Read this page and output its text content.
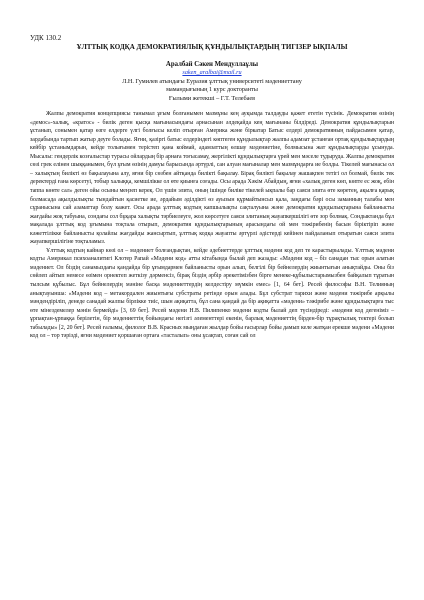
УДК 130.2

ҰЛТТЫҚ КОДҚА ДЕМОКРАТИЯЛЫҚ ҚҰНДЫЛЫҚТАРДЫҢ ТИГІЗЕР ЫҚПАЛЫ

Аралбай Сәкен Мендуллаұлы
saken_aralbai@mail.ru
Л.Н. Гумилев атындағы Еуразия ұлттық университеті мәдениеттану
мамандығының 1 курс докторанты
Ғылыми жетекші – Г.Т. Телебаев

Жалпы демократия концепциясы танымал ұғым болғанымен мазмұны кең ауқымда талдауды қажет ететін түсінік. Демократия өзінің «демос»-халық, «кратос» - билік деген қысқа мағынасындағы арнасынан әлдеқайда кең мағынаны білдіреді. Демократия құндылықтарын ұстанып, сонымен қатар өзге елдерге үлгі болғысы келіп отырған Америка және біркатар Батыс елдері демократияның пайдасымен қатар, зардабында тартып жатыр деуге болады. Яғни, қазіргі батыс елдеріндегі көптеген құндылықтар жалпы адамзат ұстанған ортақ құндылықтардың кейбір ұстанымдарын, кейде толығымен терістеп қана коймай, адамзаттың өлшау мәдениетіне, болмысына жат құндылықтарды ұсынуда. Мысалы: гендерлік козғалыстар турасы ойлардың бір арнаға тоғысамау, жергілікті құндылықтарға үрей мен мәселе тудыруда. Жалпы демократия сөзі грек елінен шыққанымен, бүл ұғым өзінің дамуы барысында әртүрлі, сан алуан мағыналар мен мазмұндарға ие болды. Тікелей мағынасы ол – халықтың билікті өз бақылауына алу, яғни бір сөзбен айтқанда билікті бақылау. Бірақ билікті бақылау жашақпен тетігі ол болмай, билік тек деректерді ғана көрсетуі, тобыр халыққа, кемшілікке ол өте қиынға соғады. Осы арада Хәкім Абайдың, яғни «халық деген көп, көпте ес жоқ, ебін таппа көнте сал» деген ойы осыны меңзеп кереқ. Ол үшін элита, оның ішінде биліке тікелей ықпалы бар саяси элита өте көретең, ақылға қарық болмасада ақылдылықты тындайтын қасиетке ие, әрдайым әділдікті өз ауызын құрмайтынсыз қала, заңдағы бәрі осы заманның талабы мен сұранысына сай азаматтар болу кажет. Осы арада ұлттық кодтың капшылықты сақталуына және демократия құндылықтарына байланысты жағдайы жоқ табуына, сондағы сол бұқара халықты тәрбиелеуге, жол көрсетуге саяси элитаның жауапкершілігі өте зор болмақ. Сондыктанда бұл мақалада ұлттық код ұғымына тоқтала отырып, демократия құндылықтарының арасындағы ой мен тәжірибенің басын біріктіріп және кәжеттілікке байланысты қолайлы жағдайды жансыртып, ұлттық кодқа жауапты әртүрлі әдістерді кейінен пайдаланып отыратын саяси элита жауапкершілігіне тоқталамыз.

Ұлттық кодтың кайнар көзі ол – мәдениет болғандықтан, кейде әдебиеттерде ұлттық мәдени код деп те карастырылады. Ұлттық мәдени кодты Америкал психоаналитигі Клотер Рапай «Мәдени код» атты кітабында былай деп жазады: «Мәдени код – біз санадан тыс орын алатын мәдениет. Ол біздің санамыздағы қандайда бір ұғымдармен байланысты орын алып, белгілі бір бейнелердің жиынтығын анықтайды. Оны біз сөйлеп айтып немесе өзімен орнектеп жеткізу дәрменсіз, бірақ біздің әрбір әрекетімізбен бірге менеке-құбылыстарымызбен байқалып тұратын тылсым құбылыс. Бұл бейнелердің мәніне басқа мәдениеттердің келдестіру мүмкін емес» [1, 64 бет]. Ресей философы В.Н. Телияның анықтауынша: «Мәдени код – метакордален жиынтығы субстраты ретінде орын алады. Бұл субстрат тарихи және мәдени тәжірибе арқылы мәндендіріліп, денеде санадай жалпы бірлікке тиіс, шын ақиқатта, бұл сана қандай да бір ақиқатта «мәдени» тәжірибе және құндылықтарға тыс өте мінездемелер мәнін бермейді» [3, 69 бет]. Ресей мәдени Н.В. Пилипенко мәдени кодты былай деп түсіндіреді: «мәдени код дегеніміз – ұрпақтан-ұрпаққа берілетін, бір мәдениеттің бойындағы негізгі әлементтері екенін, барлық мәдениеттің бірден-бір тұрақтылық тектері болып табылады» [2, 20 бет]. Ресей ғалымы, филолог В.В. Красных мыңдаған жылдар бойы ғасырлар бойы дамып келе жатқан ерекше мәдени «Мәдени код ол – тор тәрізді, яғни мәдениет қоршаған ортаға «тасталып» оны ұсақтап, соған сай ол
